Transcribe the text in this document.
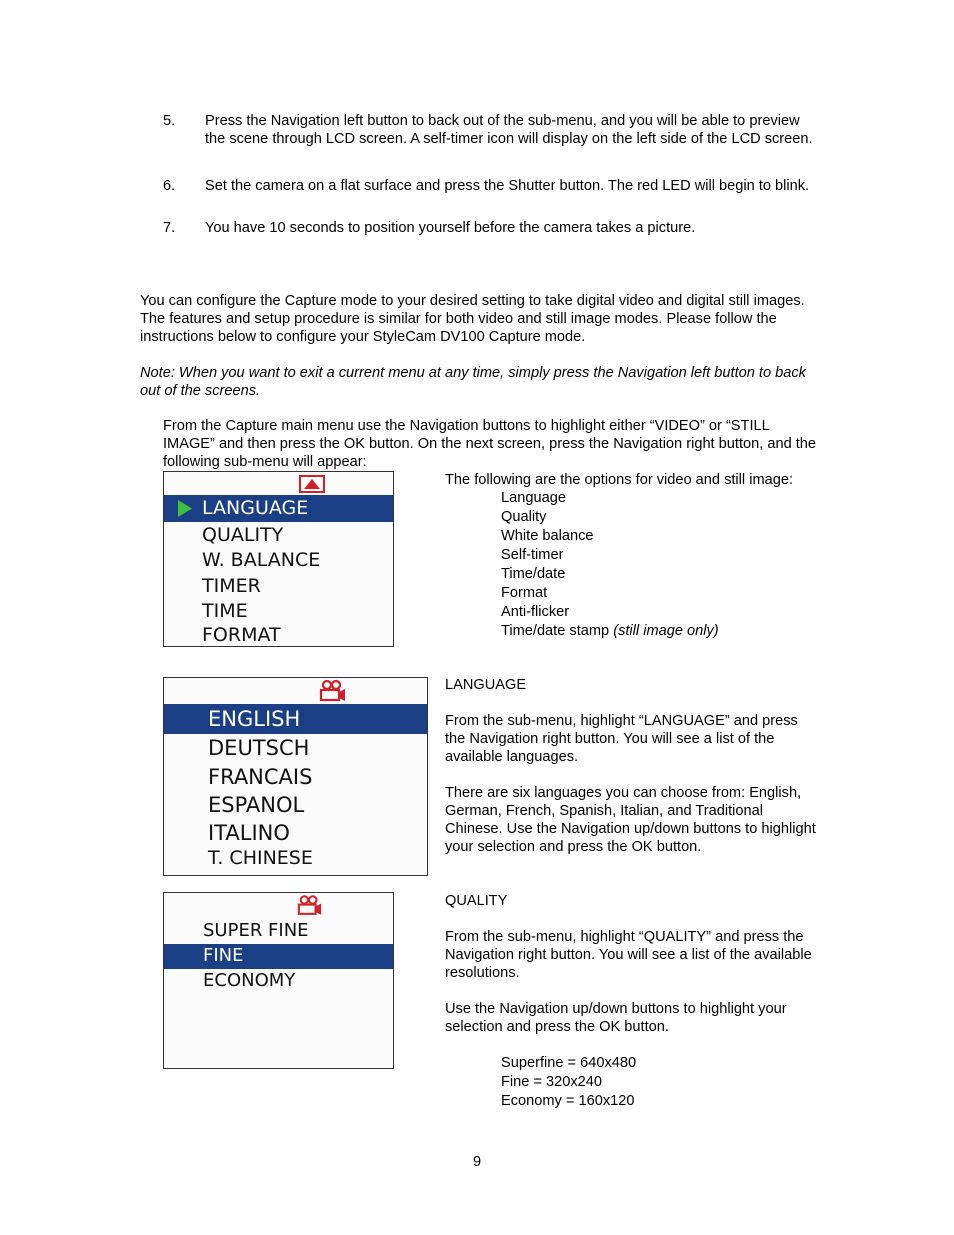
5. Press the Navigation left button to back out of the sub-menu, and you will be able to preview the scene through LCD screen. A self-timer icon will display on the left side of the LCD screen.
6. Set the camera on a flat surface and press the Shutter button. The red LED will begin to blink.
7. You have 10 seconds to position yourself before the camera takes a picture.
You can configure the Capture mode to your desired setting to take digital video and digital still images. The features and setup procedure is similar for both video and still image modes. Please follow the instructions below to configure your StyleCam DV100 Capture mode.
Note: When you want to exit a current menu at any time, simply press the Navigation left button to back out of the screens.
From the Capture main menu use the Navigation buttons to highlight either “VIDEO” or “STILL IMAGE” and then press the OK button. On the next screen, press the Navigation right button, and the following sub-menu will appear:
LANGUAGE
QUALITY
W. BALANCE
TIMER
TIME
FORMAT
The following are the options for video and still image:
Language
Quality
White balance
Self-timer
Time/date
Format
Anti-flicker
Time/date stamp (still image only)
ENGLISH
DEUTSCH
FRANCAIS
ESPANOL
ITALINO
T. CHINESE
LANGUAGE
From the sub-menu, highlight “LANGUAGE” and press the Navigation right button. You will see a list of the available languages.
There are six languages you can choose from: English, German, French, Spanish, Italian, and Traditional Chinese. Use the Navigation up/down buttons to highlight your selection and press the OK button.
SUPER FINE
FINE
ECONOMY
QUALITY
From the sub-menu, highlight “QUALITY” and press the Navigation right button. You will see a list of the available resolutions.
Use the Navigation up/down buttons to highlight your selection and press the OK button.
Superfine = 640x480
Fine = 320x240
Economy = 160x120
9
